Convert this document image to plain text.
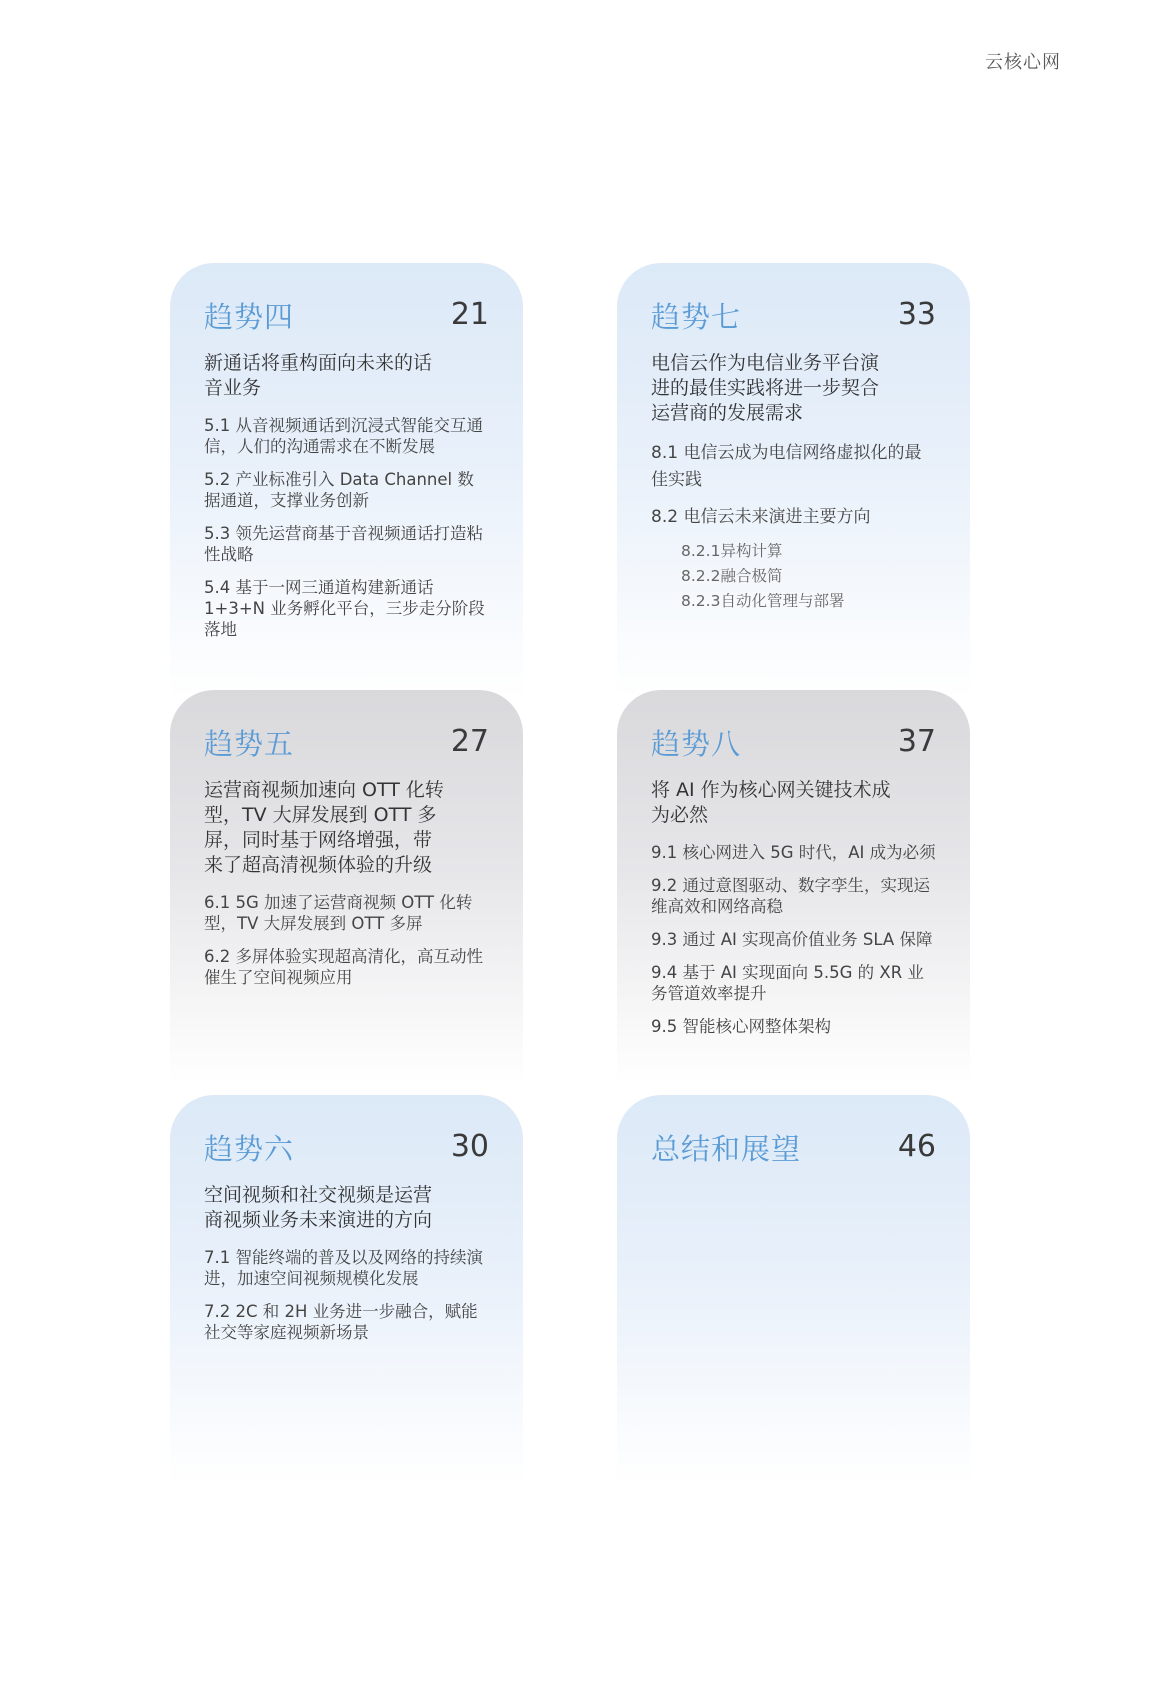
云核心网
趋势四	21
新通话将重构面向未来的话音业务
5.1 从音视频通话到沉浸式智能交互通信，人们的沟通需求在不断发展
5.2 产业标准引入 Data Channel 数据通道，支撑业务创新
5.3 领先运营商基于音视频通话打造粘性战略
5.4 基于一网三通道构建新通话 1+3+N 业务孵化平台，三步走分阶段落地
趋势五	27
运营商视频加速向 OTT 化转型，TV 大屏发展到 OTT 多屏，同时基于网络增强，带来了超高清视频体验的升级
6.1 5G 加速了运营商视频 OTT 化转型，TV 大屏发展到 OTT 多屏
6.2 多屏体验实现超高清化，高互动性催生了空间视频应用
趋势六	30
空间视频和社交视频是运营商视频业务未来演进的方向
7.1 智能终端的普及以及网络的持续演进，加速空间视频规模化发展
7.2 2C 和 2H 业务进一步融合，赋能社交等家庭视频新场景
趋势七	33
电信云作为电信业务平台演进的最佳实践将进一步契合运营商的发展需求
8.1 电信云成为电信网络虚拟化的最佳实践
8.2 电信云未来演进主要方向
8.2.1异构计算
8.2.2融合极简
8.2.3自动化管理与部署
趋势八	37
将 AI 作为核心网关键技术成为必然
9.1 核心网进入 5G 时代，AI 成为必须
9.2 通过意图驱动、数字孪生，实现运维高效和网络高稳
9.3 通过 AI 实现高价值业务 SLA 保障
9.4 基于 AI 实现面向 5.5G 的 XR 业务管道效率提升
9.5 智能核心网整体架构
总结和展望	46
